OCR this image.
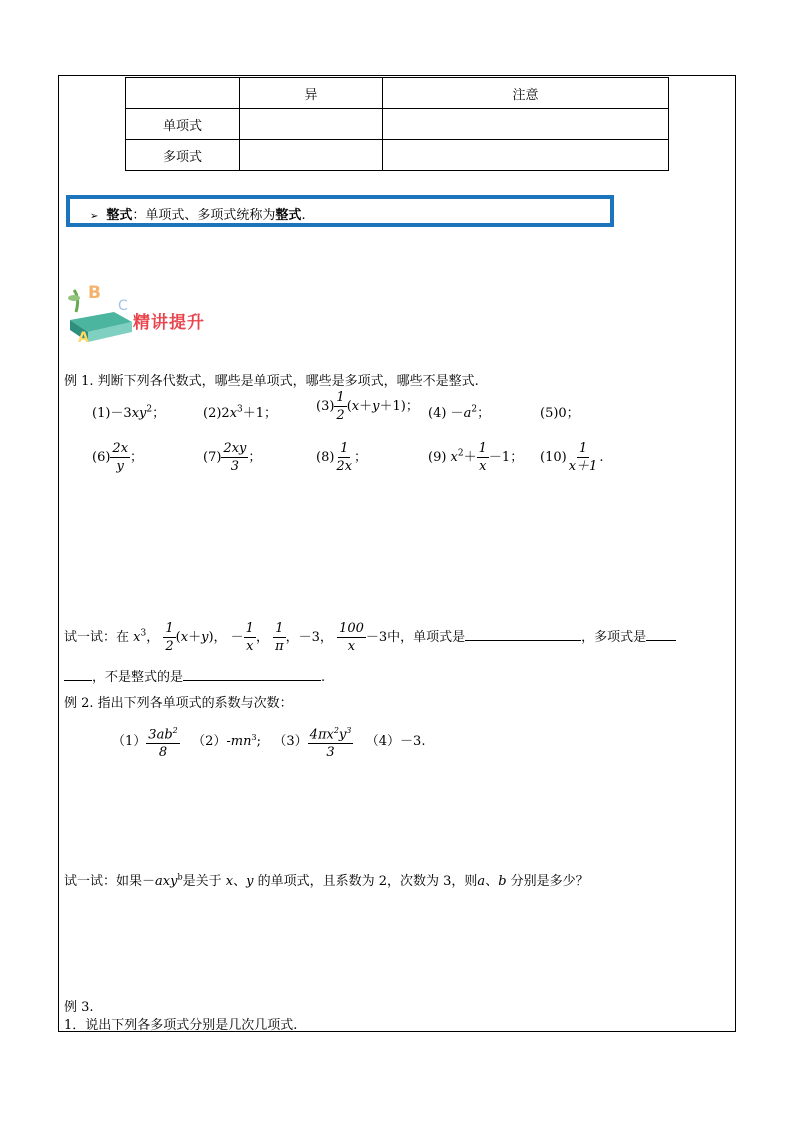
	异	注意
单项式		
多项式		
➢ 整式：单项式、多项式统称为整式.
B
C
A
精讲提升
例 1. 判断下列各代数式，哪些是单项式，哪些是多项式，哪些不是整式.
$(1)-3xy^2$；	$(2)2x^3+1$；	$(3) \frac{1}{2} (x+y+1)$； $(4) -a^2$；	(5)0；
$(6) \frac{2x}{y}$ ；	$(7) \frac{2xy}{3}$ ；	$(8) \frac{1}{2x}$ ；	(9) $x^2+ \frac{1}{x} -1$； $(10) \frac{1}{x+1}$ .
试一试：在 $x^3$， $\frac{1}{2} (x+y)$， － $\frac{1}{x}$ ， $\frac{1}{\pi}$ ，－3， $\frac{100}{x} -3$中，单项式是	，多项式是
，不是整式的是	.
例 2. 指出下列各单项式的系数与次数：
$(1) \frac{3ab^2}{8} (2)-mn^3$;   $(3) \frac{4\pi x^2y^3}{3} (4)-3$.
试一试：如果－axy$^b$是关于 x、y 的单项式，且系数为 2，次数为 3，则a、b 分别是多少？
例 3.
1．说出下列各多项式分别是几次几项式.
